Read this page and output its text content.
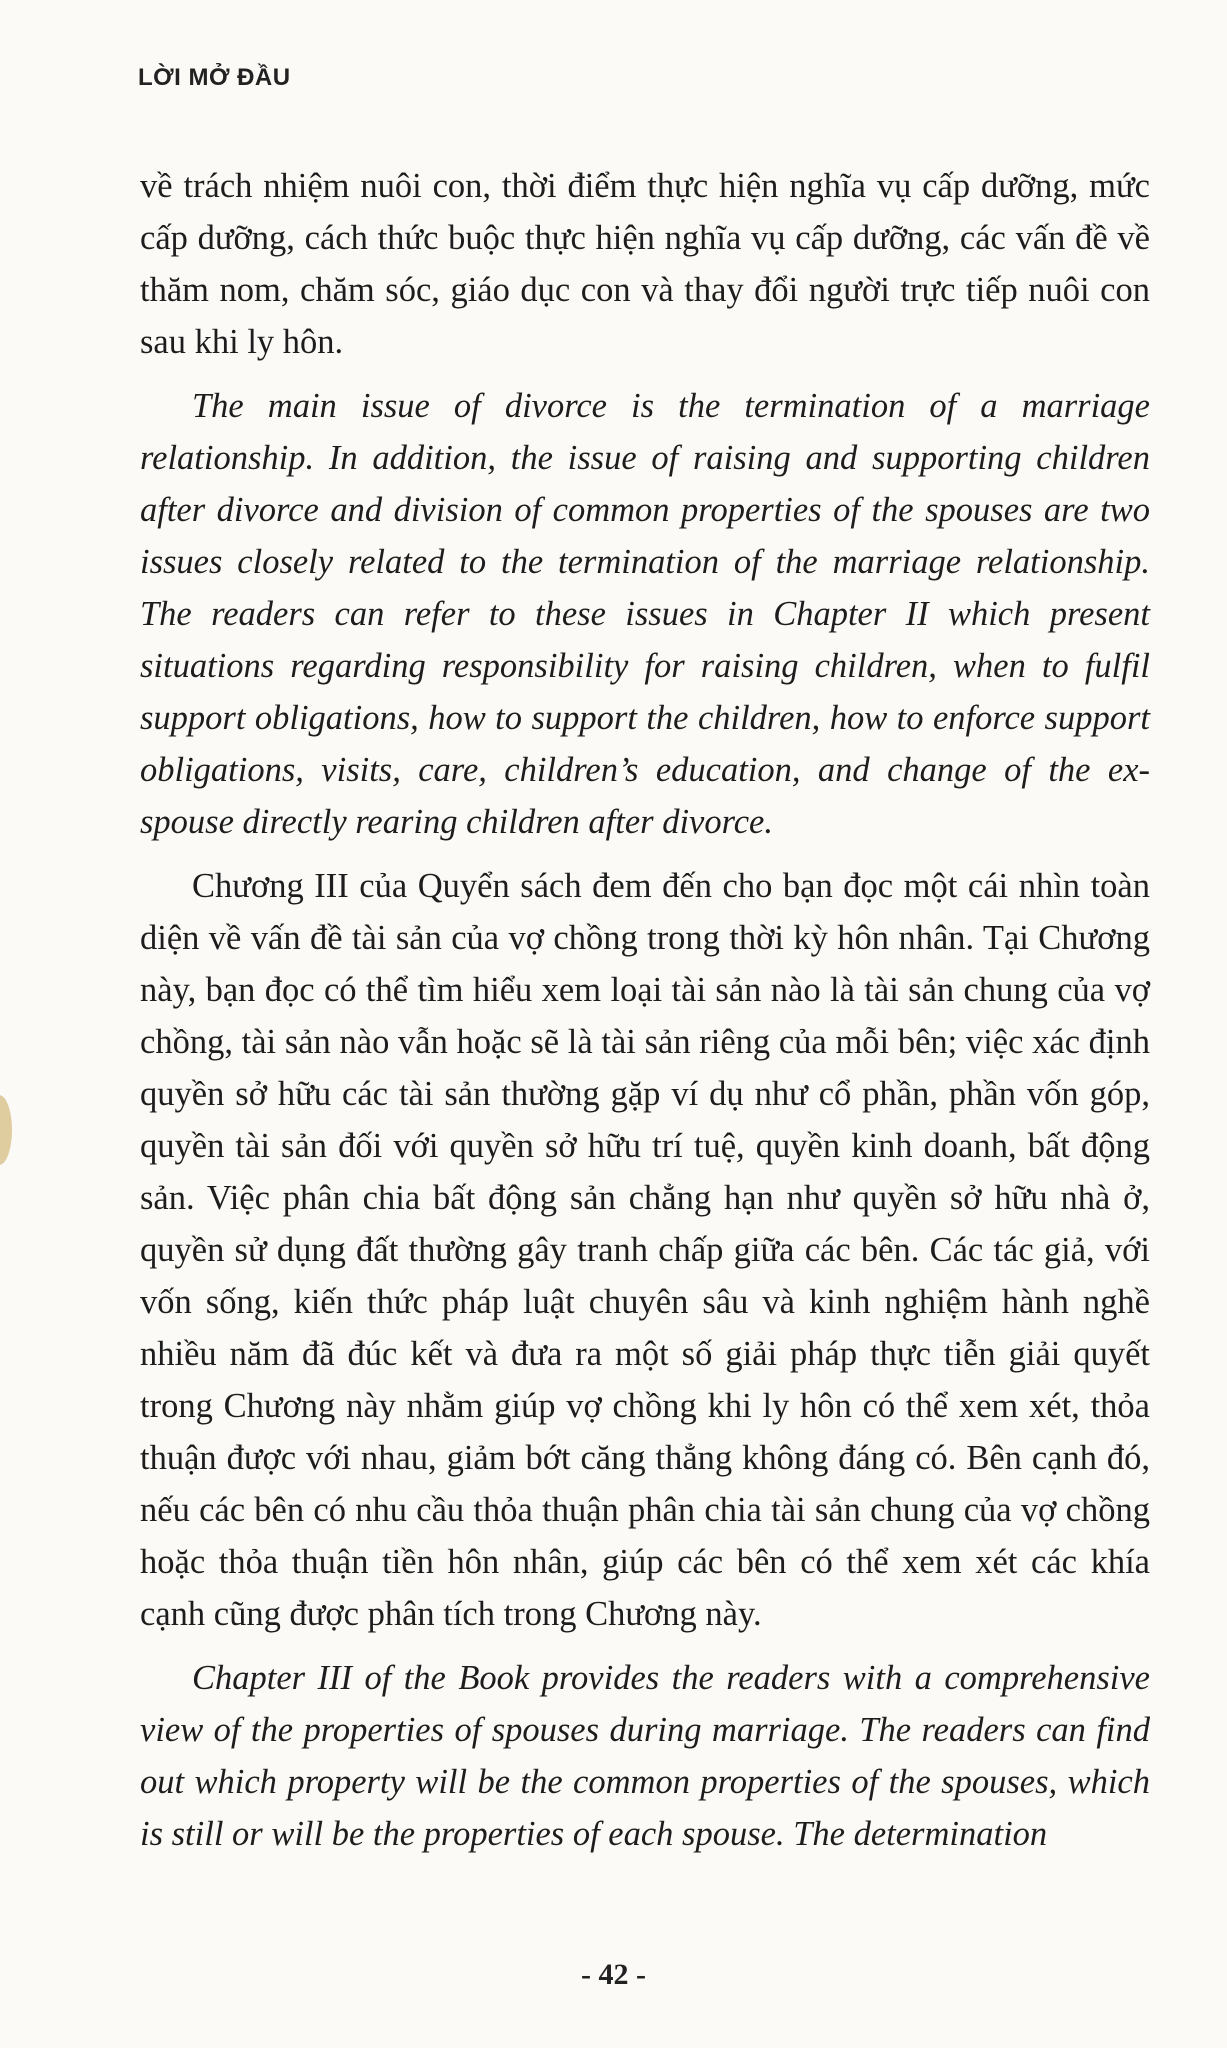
LỜI MỞ ĐẦU

về trách nhiệm nuôi con, thời điểm thực hiện nghĩa vụ cấp dưỡng, mức cấp dưỡng, cách thức buộc thực hiện nghĩa vụ cấp dưỡng, các vấn đề về thăm nom, chăm sóc, giáo dục con và thay đổi người trực tiếp nuôi con sau khi ly hôn.

The main issue of divorce is the termination of a marriage relationship. In addition, the issue of raising and supporting children after divorce and division of common properties of the spouses are two issues closely related to the termination of the marriage relationship. The readers can refer to these issues in Chapter II which present situations regarding responsibility for raising children, when to fulfil support obligations, how to support the children, how to enforce support obligations, visits, care, children’s education, and change of the ex-spouse directly rearing children after divorce.

Chương III của Quyển sách đem đến cho bạn đọc một cái nhìn toàn diện về vấn đề tài sản của vợ chồng trong thời kỳ hôn nhân. Tại Chương này, bạn đọc có thể tìm hiểu xem loại tài sản nào là tài sản chung của vợ chồng, tài sản nào vẫn hoặc sẽ là tài sản riêng của mỗi bên; việc xác định quyền sở hữu các tài sản thường gặp ví dụ như cổ phần, phần vốn góp, quyền tài sản đối với quyền sở hữu trí tuệ, quyền kinh doanh, bất động sản. Việc phân chia bất động sản chẳng hạn như quyền sở hữu nhà ở, quyền sử dụng đất thường gây tranh chấp giữa các bên. Các tác giả, với vốn sống, kiến thức pháp luật chuyên sâu và kinh nghiệm hành nghề nhiều năm đã đúc kết và đưa ra một số giải pháp thực tiễn giải quyết trong Chương này nhằm giúp vợ chồng khi ly hôn có thể xem xét, thỏa thuận được với nhau, giảm bớt căng thẳng không đáng có. Bên cạnh đó, nếu các bên có nhu cầu thỏa thuận phân chia tài sản chung của vợ chồng hoặc thỏa thuận tiền hôn nhân, giúp các bên có thể xem xét các khía cạnh cũng được phân tích trong Chương này.

Chapter III of the Book provides the readers with a comprehensive view of the properties of spouses during marriage. The readers can find out which property will be the common properties of the spouses, which is still or will be the properties of each spouse. The determination

- 42 -
